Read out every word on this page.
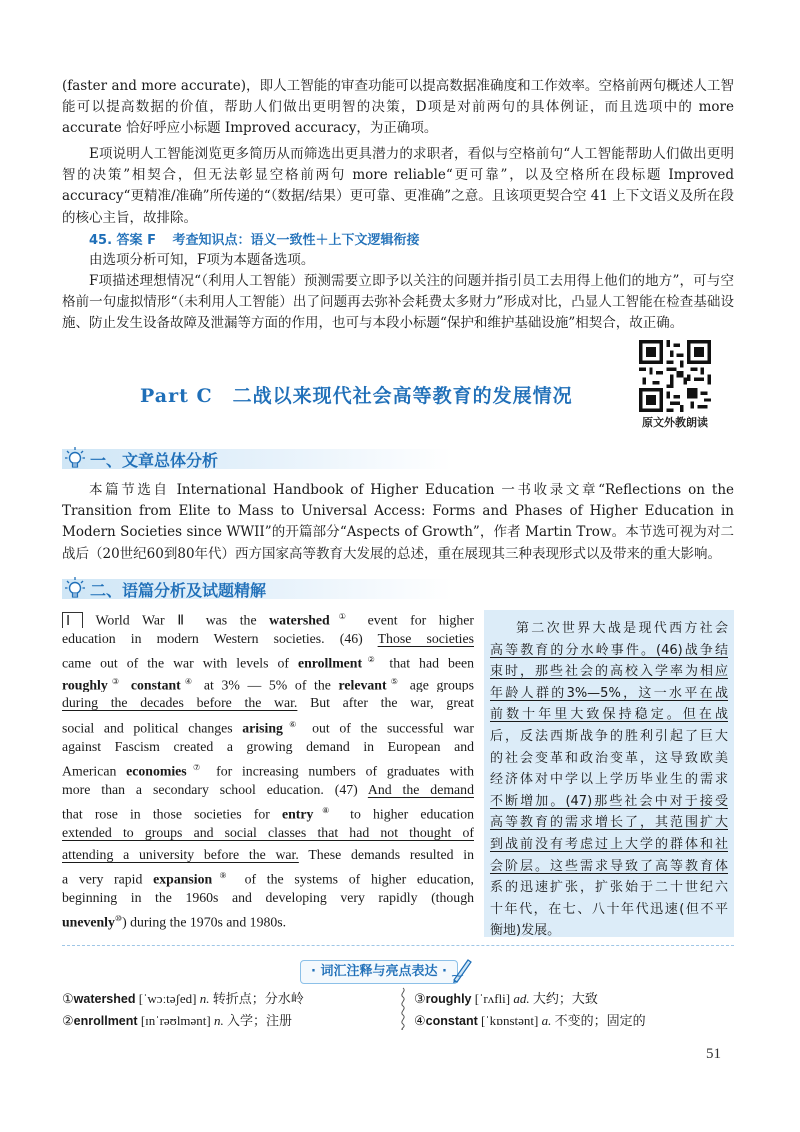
(faster and more accurate)，即人工智能的审查功能可以提高数据准确度和工作效率。空格前两句概述人工智能可以提高数据的价值，帮助人们做出更明智的决策，D项是对前两句的具体例证，而且选项中的 more accurate 恰好呼应小标题 Improved accuracy，为正确项。

E项说明人工智能浏览更多简历从而筛选出更具潜力的求职者，看似与空格前句“人工智能帮助人们做出更明智的决策”相契合，但无法彰显空格前两句 more reliable“更可靠”，以及空格所在段标题 Improved accuracy“更精准/准确”所传递的“（数据/结果）更可靠、更准确”之意。且该项更契合空 41 上下文语义及所在段的核心主旨，故排除。

45. 答案 F 考查知识点：语义一致性＋上下文逻辑衔接

由选项分析可知，F项为本题备选项。

F项描述理想情况“（利用人工智能）预测需要立即予以关注的问题并指引员工去用得上他们的地方”，可与空格前一句虚拟情形“（未利用人工智能）出了问题再去弥补会耗费太多财力”形成对比，凸显人工智能在检查基础设施、防止发生设备故障及泄漏等方面的作用，也可与本段小标题“保护和维护基础设施”相契合，故正确。

Part C 二战以来现代社会高等教育的发展情况
原文外教朗读
一、文章总体分析

本篇节选自 International Handbook of Higher Education 一书收录文章“Reflections on the Transition from Elite to Mass to Universal Access: Forms and Phases of Higher Education in Modern Societies since WWII”的开篇部分“Aspects of Growth”，作者 Martin Trow。本节选可视为对二战后（20世纪60到80年代）西方国家高等教育大发展的总述，重在展现其三种表现形式以及带来的重大影响。

二、语篇分析及试题精解
Ⅰ World War Ⅱ was the watershed① event for higher
education in modern Western societies. (46) Those societies
came out of the war with levels of enrollment② that had been
roughly③ constant④ at 3% — 5% of the relevant⑤ age groups
during the decades before the war. But after the war, great
social and political changes arising⑥ out of the successful war
against Fascism created a growing demand in European and
American economies⑦ for increasing numbers of graduates with
more than a secondary school education. (47) And the demand
that rose in those societies for entry⑧ to higher education
extended to groups and social classes that had not thought of
attending a university before the war. These demands resulted in
a very rapid expansion⑨ of the systems of higher education,
beginning in the 1960s and developing very rapidly (though
unevenly⑩) during the 1970s and 1980s.
第二次世界大战是现代西方社会
高等教育的分水岭事件。(46)战争结
束时，那些社会的高校入学率为相应
年龄人群的3%—5%，这一水平在战
前数十年里大致保持稳定。但在战
后，反法西斯战争的胜利引起了巨大
的社会变革和政治变革，这导致欧美
经济体对中学以上学历毕业生的需求
不断增加。(47)那些社会中对于接受
高等教育的需求增长了，其范围扩大
到战前没有考虑过上大学的群体和社
会阶层。这些需求导致了高等教育体
系的迅速扩张，扩张始于二十世纪六
十年代，在七、八十年代迅速(但不平
衡地)发展。
· 词汇注释与亮点表达 ·
①watershed [ˈwɔːtəʃed] n. 转折点；分水岭
②enrollment [ɪnˈrəʊlmənt] n. 入学；注册
③roughly [ˈrʌfli] ad. 大约；大致
④constant [ˈkɒnstənt] a. 不变的；固定的
51
